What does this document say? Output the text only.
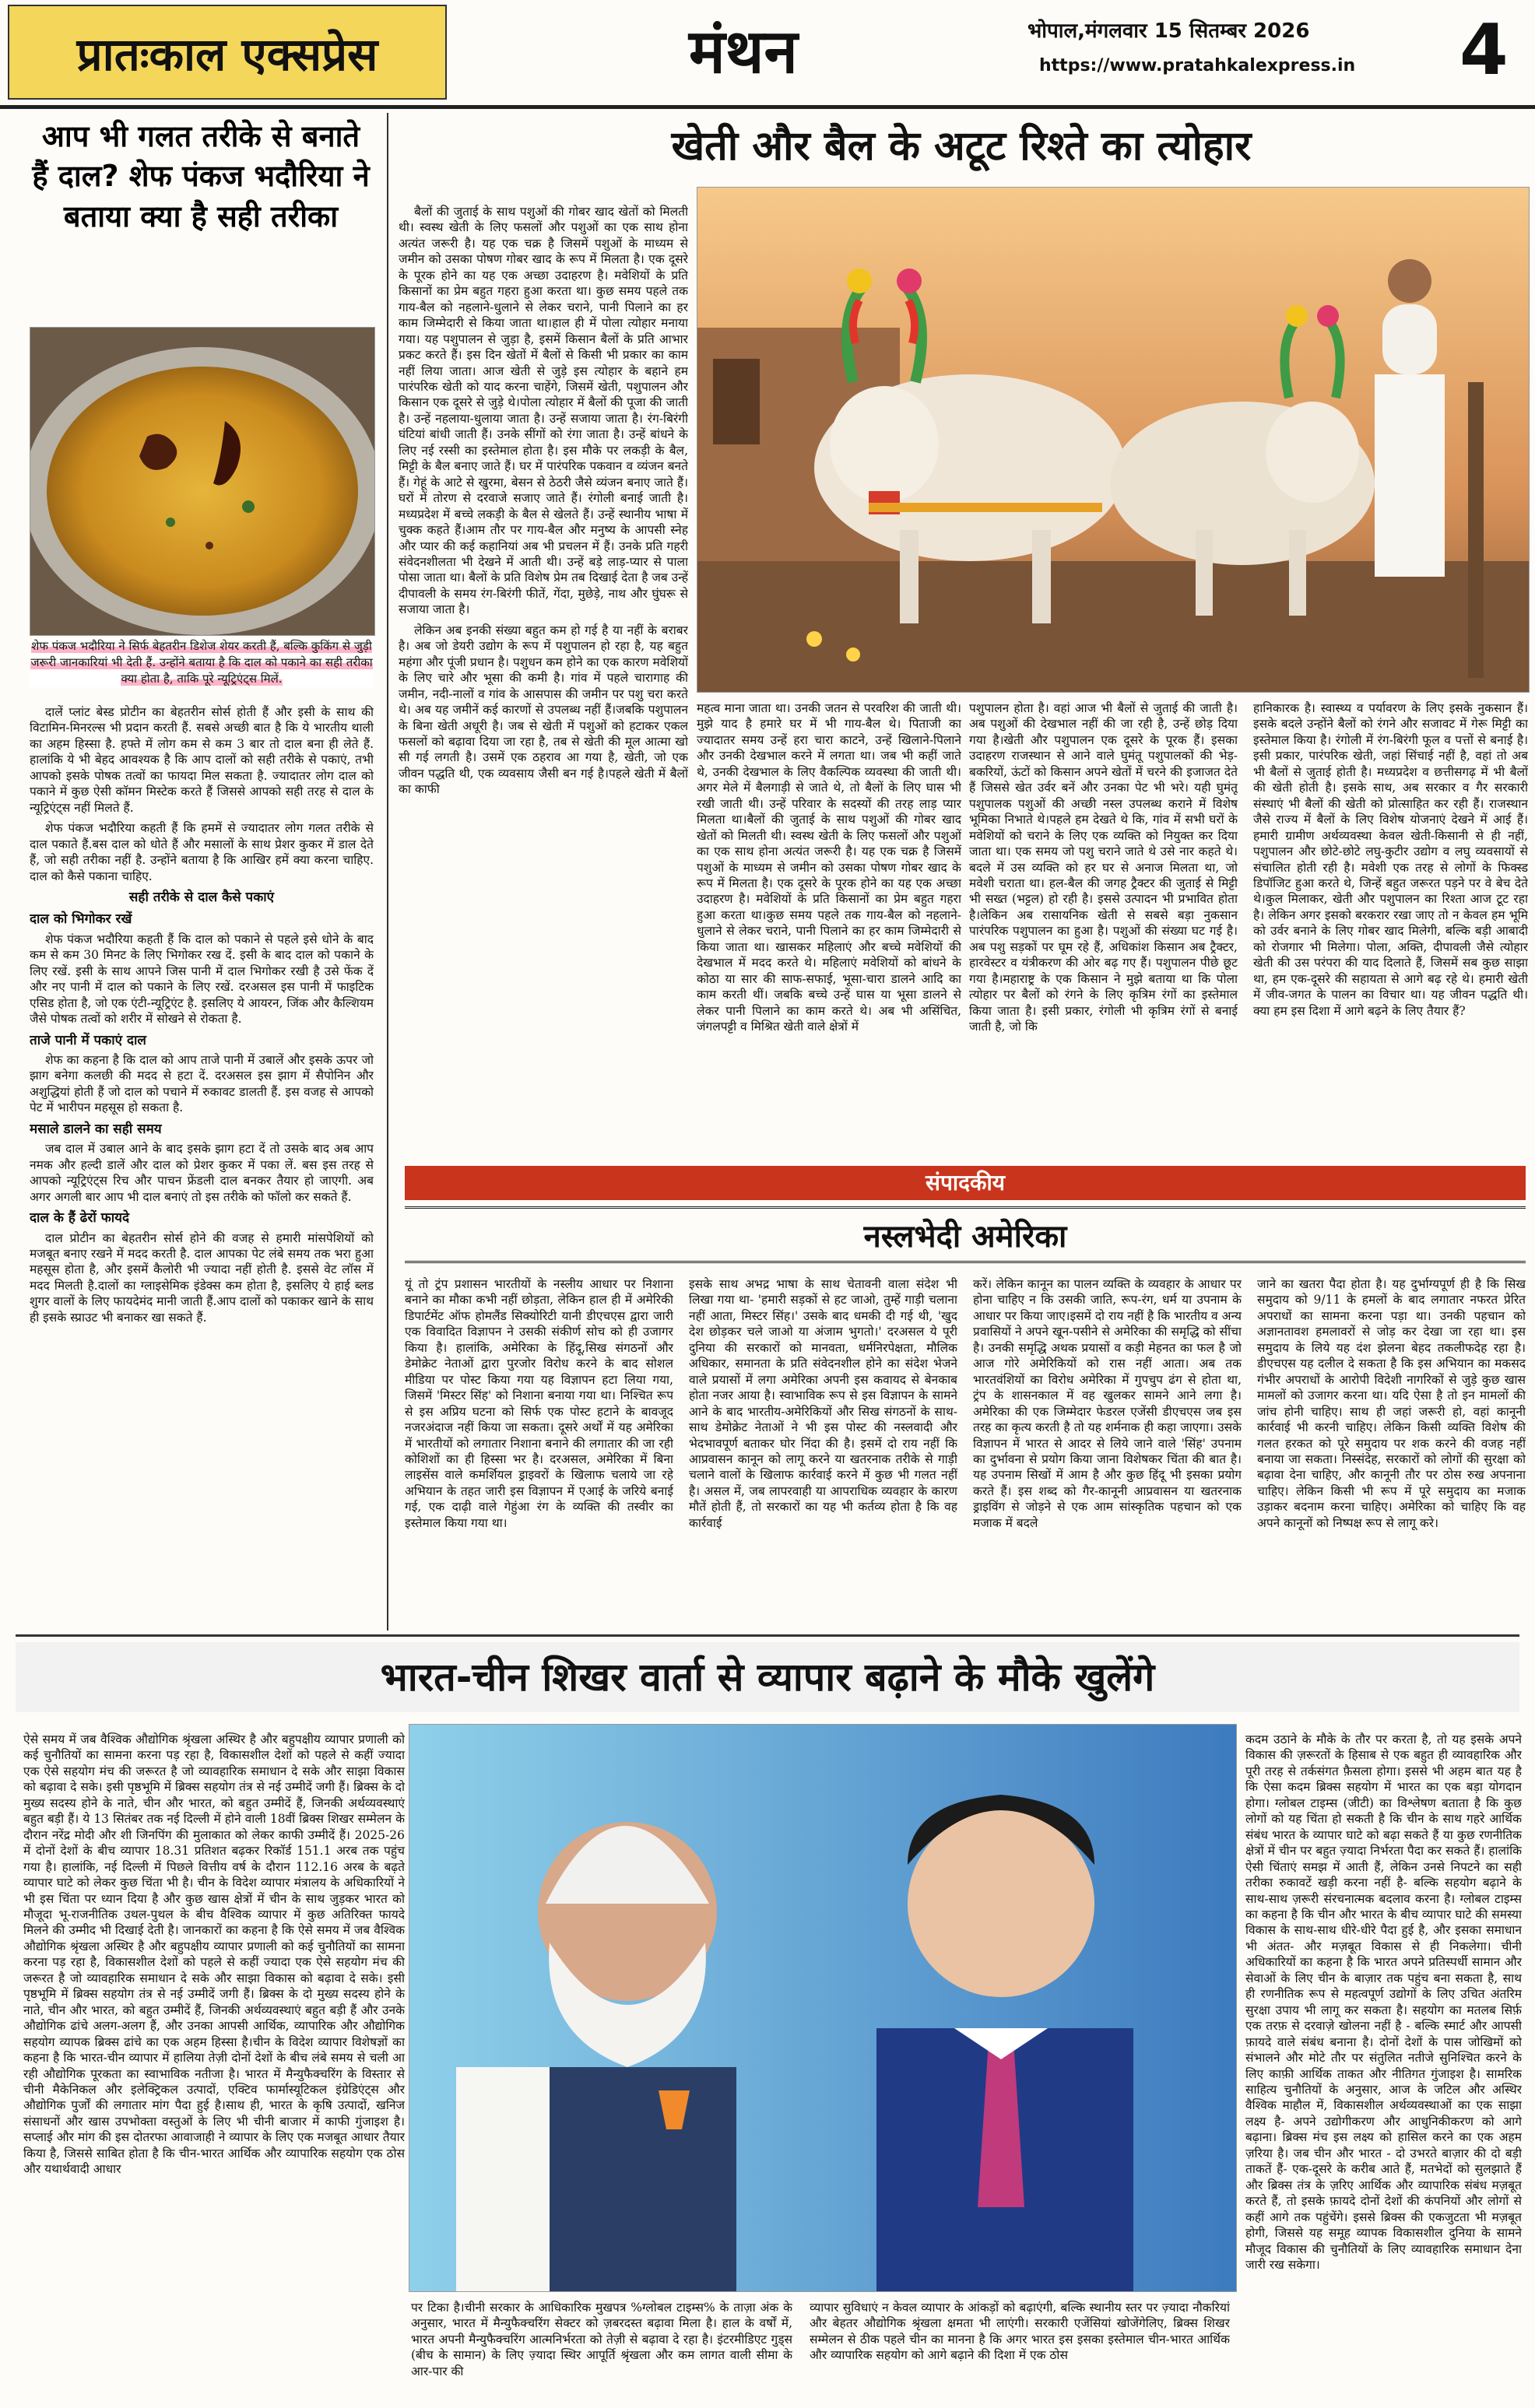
प्रातःकाल एक्सप्रेस	मंथन	भोपाल,मंगलवार 15 सितम्बर 2026
https://www.pratahkalexpress.in 4
आप भी गलत तरीके से बनाते हैं दाल? शेफ पंकज भदौरिया ने बताया क्या है सही तरीका
शेफ पंकज भदौरिया ने सिर्फ बेहतरीन डिशेज शेयर करती हैं, बल्कि कुकिंग से जुड़ी जरूरी जानकारियां भी देती हैं. उन्होंने बताया है कि दाल को पकाने का सही तरीका क्या होता है, ताकि पूरे न्यूट्रिएंट्स मिलें.

दालें प्लांट बेस्ड प्रोटीन का बेहतरीन सोर्स होती हैं और इसी के साथ की विटामिन-मिनरल्स भी प्रदान करती हैं. सबसे अच्छी बात है कि ये भारतीय थाली का अहम हिस्सा है. हफ्ते में लोग कम से कम 3 बार तो दाल बना ही लेते हैं. हालांकि ये भी बेहद आवश्यक है कि आप दालों को सही तरीके से पकाएं, तभी आपको इसके पोषक तत्वों का फायदा मिल सकता है. ज्यादातर लोग दाल को पकाने में कुछ ऐसी कॉमन मिस्टेक करते हैं जिससे आपको सही तरह से दाल के न्यूट्रिएंट्स नहीं मिलते हैं.

शेफ पंकज भदौरिया कहती हैं कि हममें से ज्यादातर लोग गलत तरीके से दाल पकाते हैं.बस दाल को धोते हैं और मसालों के साथ प्रेशर कुकर में डाल देते हैं, जो सही तरीका नहीं है. उन्होंने बताया है कि आखिर हमें क्या करना चाहिए. दाल को कैसे पकाना चाहिए.

सही तरीके से दाल कैसे पकाएं
दाल को भिगोकर रखें

शेफ पंकज भदौरिया कहती हैं कि दाल को पकाने से पहले इसे धोने के बाद कम से कम 30 मिनट के लिए भिगोकर रख दें. इसी के बाद दाल को पकाने के लिए रखें. इसी के साथ आपने जिस पानी में दाल भिगोकर रखी है उसे फेंक दें और नए पानी में दाल को पकाने के लिए रखें. दरअसल इस पानी में फाइटिक एसिड होता है, जो एक एंटी-न्यूट्रिएंट है. इसलिए ये आयरन, जिंक और कैल्शियम जैसे पोषक तत्वों को शरीर में सोखने से रोकता है.

ताजे पानी में पकाएं दाल

शेफ का कहना है कि दाल को आप ताजे पानी में उबालें और इसके ऊपर जो झाग बनेगा कलछी की मदद से हटा दें. दरअसल इस झाग में सैपोनिन और अशुद्धियां होती हैं जो दाल को पचाने में रुकावट डालती हैं. इस वजह से आपको पेट में भारीपन महसूस हो सकता है.

मसाले डालने का सही समय

जब दाल में उबाल आने के बाद इसके झाग हटा दें तो उसके बाद अब आप नमक और हल्दी डालें और दाल को प्रेशर कुकर में पका लें. बस इस तरह से आपको न्यूट्रिएंट्स रिच और पाचन फ्रेंडली दाल बनकर तैयार हो जाएगी. अब अगर अगली बार आप भी दाल बनाएं तो इस तरीके को फॉलो कर सकते हैं.

दाल के हैं ढेरों फायदे

दाल प्रोटीन का बेहतरीन सोर्स होने की वजह से हमारी मांसपेशियों को मजबूत बनाए रखने में मदद करती है. दाल आपका पेट लंबे समय तक भरा हुआ महसूस होता है, और इसमें कैलोरी भी ज्यादा नहीं होती है. इससे वेट लॉस में मदद मिलती है.दालों का ग्लाइसेमिक इंडेक्स कम होता है, इसलिए ये हाई ब्लड शुगर वालों के लिए फायदेमंद मानी जाती हैं.आप दालों को पकाकर खाने के साथ ही इसके स्प्राउट भी बनाकर खा सकते हैं.

खेती और बैल के अटूट रिश्ते का त्योहार

बैलों की जुताई के साथ पशुओं की गोबर खाद खेतों को मिलती थी। स्वस्थ खेती के लिए फसलों और पशुओं का एक साथ होना अत्यंत जरूरी है। यह एक चक्र है जिसमें पशुओं के माध्यम से जमीन को उसका पोषण गोबर खाद के रूप में मिलता है। एक दूसरे के पूरक होने का यह एक अच्छा उदाहरण है। मवेशियों के प्रति किसानों का प्रेम बहुत गहरा हुआ करता था। कुछ समय पहले तक गाय-बैल को नहलाने-धुलाने से लेकर चराने, पानी पिलाने का हर काम जिम्मेदारी से किया जाता था।हाल ही में पोला त्योहार मनाया गया। यह पशुपालन से जुड़ा है, इसमें किसान बैलों के प्रति आभार प्रकट करते हैं। इस दिन खेतों में बैलों से किसी भी प्रकार का काम नहीं लिया जाता। आज खेती से जुड़े इस त्योहार के बहाने हम पारंपरिक खेती को याद करना चाहेंगे, जिसमें खेती, पशुपालन और किसान एक दूसरे से जुड़े थे।पोला त्योहार में बैलों की पूजा की जाती है। उन्हें नहलाया-धुलाया जाता है। उन्हें सजाया जाता है। रंग-बिरंगी घंटियां बांधी जाती हैं। उनके सींगों को रंगा जाता है। उन्हें बांधने के लिए नई रस्सी का इस्तेमाल होता है। इस मौके पर लकड़ी के बैल, मिट्टी के बैल बनाए जाते हैं। घर में पारंपरिक पकवान व व्यंजन बनते हैं। गेहूं के आटे से खुरमा, बेसन से ठेठरी जैसे व्यंजन बनाए जाते हैं। घरों में तोरण से दरवाजे सजाए जाते हैं। रंगोली बनाई जाती है। मध्यप्रदेश में बच्चे लकड़ी के बैल से खेलते हैं। उन्हें स्थानीय भाषा में चुक्क कहते हैं।आम तौर पर गाय-बैल और मनुष्य के आपसी स्नेह और प्यार की कई कहानियां अब भी प्रचलन में हैं। उनके प्रति गहरी संवेदनशीलता भी देखने में आती थी। उन्हें बड़े लाड़-प्यार से पाला पोसा जाता था। बैलों के प्रति विशेष प्रेम तब दिखाई देता है जब उन्हें दीपावली के समय रंग-बिरंगी फीतें, गेंदा, मुछेड़े, नाथ और घुंघरू से सजाया जाता है।

लेकिन अब इनकी संख्या बहुत कम हो गई है या नहीं के बराबर है। अब जो डेयरी उद्योग के रूप में पशुपालन हो रहा है, यह बहुत महंगा और पूंजी प्रधान है। पशुधन कम होने का एक कारण मवेशियों के लिए चारे और भूसा की कमी है। गांव में पहले चारागाह की जमीन, नदी-नालों व गांव के आसपास की जमीन पर पशु चरा करते थे। अब यह जमीनें कई कारणों से उपलब्ध नहीं हैं।जबकि पशुपालन के बिना खेती अधूरी है। जब से खेती में पशुओं को हटाकर एकल फसलों को बढ़ावा दिया जा रहा है, तब से खेती की मूल आत्मा खो सी गई लगती है। उसमें एक ठहराव आ गया है, खेती, जो एक जीवन पद्धति थी, एक व्यवसाय जैसी बन गई है।पहले खेती में बैलों का काफी

महत्व माना जाता था। उनकी जतन से परवरिश की जाती थी। मुझे याद है हमारे घर में भी गाय-बैल थे। पिताजी का ज्यादातर समय उन्हें हरा चारा काटने, उन्हें खिलाने-पिलाने और उनकी देखभाल करने में लगता था। जब भी कहीं जाते थे, उनकी देखभाल के लिए वैकल्पिक व्यवस्था की जाती थी। अगर मेले में बैलगाड़ी से जाते थे, तो बैलों के लिए घास भी रखी जाती थी। उन्हें परिवार के सदस्यों की तरह लाड़ प्यार मिलता था।बैलों की जुताई के साथ पशुओं की गोबर खाद खेतों को मिलती थी। स्वस्थ खेती के लिए फसलों और पशुओं का एक साथ होना अत्यंत जरूरी है। यह एक चक्र है जिसमें पशुओं के माध्यम से जमीन को उसका पोषण गोबर खाद के रूप में मिलता है। एक दूसरे के पूरक होने का यह एक अच्छा उदाहरण है। मवेशियों के प्रति किसानों का प्रेम बहुत गहरा हुआ करता था।कुछ समय पहले तक गाय-बैल को नहलाने-धुलाने से लेकर चराने, पानी पिलाने का हर काम जिम्मेदारी से किया जाता था। खासकर महिलाएं और बच्चे मवेशियों की देखभाल में मदद करते थे। महिलाएं मवेशियों को बांधने के कोठा या सार की साफ-सफाई, भूसा-चारा डालने आदि का काम करती थीं। जबकि बच्चे उन्हें घास या भूसा डालने से लेकर पानी पिलाने का काम करते थे। अब भी असिंचित, जंगलपट्टी व मिश्रित खेती वाले क्षेत्रों में
पशुपालन होता है। वहां आज भी बैलों से जुताई की जाती है। अब पशुओं की देखभाल नहीं की जा रही है, उन्हें छोड़ दिया गया है।खेती और पशुपालन एक दूसरे के पूरक हैं। इसका उदाहरण राजस्थान से आने वाले घुमंतू पशुपालकों की भेड़-बकरियों, ऊंटों को किसान अपने खेतों में चरने की इजाजत देते हैं जिससे खेत उर्वर बनें और उनका पेट भी भरे। यही घुमंतू पशुपालक पशुओं की अच्छी नस्ल उपलब्ध कराने में विशेष भूमिका निभाते थे।पहले हम देखते थे कि, गांव में सभी घरों के मवेशियों को चराने के लिए एक व्यक्ति को नियुक्त कर दिया जाता था। एक समय जो पशु चराने जाते थे उसे नार कहते थे। बदले में उस व्यक्ति को हर घर से अनाज मिलता था, जो मवेशी चराता था। हल-बैल की जगह ट्रैक्टर की जुताई से मिट्टी भी सख्त (भट्टल) हो रही है। इससे उत्पादन भी प्रभावित होता है।लेकिन अब रासायनिक खेती से सबसे बड़ा नुकसान पारंपरिक पशुपालन का हुआ है। पशुओं की संख्या घट गई है। अब पशु सड़कों पर घूम रहे हैं, अधिकांश किसान अब ट्रैक्टर, हारवेस्टर व यंत्रीकरण की ओर बढ़ गए हैं। पशुपालन पीछे छूट गया है।महाराष्ट्र के एक किसान ने मुझे बताया था कि पोला त्योहार पर बैलों को रंगने के लिए कृत्रिम रंगों का इस्तेमाल किया जाता है। इसी प्रकार, रंगोली भी कृत्रिम रंगों से बनाई जाती है, जो कि
हानिकारक है। स्वास्थ्य व पर्यावरण के लिए इसके नुकसान हैं। इसके बदले उन्होंने बैलों को रंगने और सजावट में गेरू मिट्टी का इस्तेमाल किया है। रंगोली में रंग-बिरंगी फूल व पत्तों से बनाई है।इसी प्रकार, पारंपरिक खेती, जहां सिंचाई नहीं है, वहां तो अब भी बैलों से जुताई होती है। मध्यप्रदेश व छत्तीसगढ़ में भी बैलों की खेती होती है। इसके साथ, अब सरकार व गैर सरकारी संस्थाएं भी बैलों की खेती को प्रोत्साहित कर रही हैं। राजस्थान जैसे राज्य में बैलों के लिए विशेष योजनाएं देखने में आई हैं।हमारी ग्रामीण अर्थव्यवस्था केवल खेती-किसानी से ही नहीं, पशुपालन और छोटे-छोटे लघु-कुटीर उद्योग व लघु व्यवसायों से संचालित होती रही है। मवेशी एक तरह से लोगों के फिक्स्ड डिपॉजिट हुआ करते थे, जिन्हें बहुत जरूरत पड़ने पर वे बेच देते थे।कुल मिलाकर, खेती और पशुपालन का रिश्ता आज टूट रहा है। लेकिन अगर इसको बरकरार रखा जाए तो न केवल हम भूमि को उर्वर बनाने के लिए गोबर खाद मिलेगी, बल्कि बड़ी आबादी को रोजगार भी मिलेगा। पोला, अक्ति, दीपावली जैसे त्योहार खेती की उस परंपरा की याद दिलाते हैं, जिसमें सब कुछ साझा था, हम एक-दूसरे की सहायता से आगे बढ़ रहे थे। हमारी खेती में जीव-जगत के पालन का विचार था। यह जीवन पद्धति थी। क्या हम इस दिशा में आगे बढ़ने के लिए तैयार हैं?
संपादकीय
नस्लभेदी अमेरिका
यूं तो ट्रंप प्रशासन भारतीयों के नस्लीय आधार पर निशाना बनाने का मौका कभी नहीं छोड़ता, लेकिन हाल ही में अमेरिकी डिपार्टमेंट ऑफ होमलैंड सिक्योरिटी यानी डीएचएस द्वारा जारी एक विवादित विज्ञापन ने उसकी संकीर्ण सोच को ही उजागर किया है। हालांकि, अमेरिका के हिंदू,सिख संगठनों और डेमोक्रेट नेताओं द्वारा पुरजोर विरोध करने के बाद सोशल मीडिया पर पोस्ट किया गया यह विज्ञापन हटा लिया गया, जिसमें 'मिस्टर सिंह' को निशाना बनाया गया था। निश्चित रूप से इस अप्रिय घटना को सिर्फ एक पोस्ट हटाने के बावजूद नजरअंदाज नहीं किया जा सकता। दूसरे अर्थों में यह अमेरिका में भारतीयों को लगातार निशाना बनाने की लगातार की जा रही कोशिशों का ही हिस्सा भर है। दरअसल, अमेरिका में बिना लाइसेंस वाले कमर्शियल ड्राइवरों के खिलाफ चलाये जा रहे अभियान के तहत जारी इस विज्ञापन में एआई के जरिये बनाई गई, एक दाढ़ी वाले गेहुंआ रंग के व्यक्ति की तस्वीर का इस्तेमाल किया गया था।
इसके साथ अभद्र भाषा के साथ चेतावनी वाला संदेश भी लिखा गया था- 'हमारी सड़कों से हट जाओ, तुम्हें गाड़ी चलाना नहीं आता, मिस्टर सिंह।' उसके बाद धमकी दी गई थी, 'खुद देश छोड़कर चले जाओ या अंजाम भुगतो।' दरअसल ये पूरी दुनिया की सरकारों को मानवता, धर्मनिरपेक्षता, मौलिक अधिकार, समानता के प्रति संवेदनशील होने का संदेश भेजने वाले प्रयासों में लगा अमेरिका अपनी इस कवायद से बेनकाब होता नजर आया है। स्वाभाविक रूप से इस विज्ञापन के सामने आने के बाद भारतीय-अमेरिकियों और सिख संगठनों के साथ-साथ डेमोक्रेट नेताओं ने भी इस पोस्ट की नस्लवादी और भेदभावपूर्ण बताकर घोर निंदा की है। इसमें दो राय नहीं कि आप्रवासन कानून को लागू करने या खतरनाक तरीके से गाड़ी चलाने वालों के खिलाफ कार्रवाई करने में कुछ भी गलत नहीं है। असल में, जब लापरवाही या आपराधिक व्यवहार के कारण मौतें होती हैं, तो सरकारों का यह भी कर्तव्य होता है कि वह कार्रवाई
करें। लेकिन कानून का पालन व्यक्ति के व्यवहार के आधार पर होना चाहिए न कि उसकी जाति, रूप-रंग, धर्म या उपनाम के आधार पर किया जाए।इसमें दो राय नहीं है कि भारतीय व अन्य प्रवासियों ने अपने खून-पसीने से अमेरिका की समृद्धि को सींचा है। उनकी समृद्धि अथक प्रयासों व कड़ी मेहनत का फल है जो आज गोरे अमेरिकियों को रास नहीं आता। अब तक भारतवंशियों का विरोध अमेरिका में गुपचुप ढंग से होता था, ट्रंप के शासनकाल में वह खुलकर सामने आने लगा है। अमेरिका की एक जिम्मेदार फेडरल एजेंसी डीएचएस जब इस तरह का कृत्य करती है तो यह शर्मनाक ही कहा जाएगा। उसके विज्ञापन में भारत से आदर से लिये जाने वाले 'सिंह' उपनाम का दुर्भावना से प्रयोग किया जाना विशेषकर चिंता की बात है। यह उपनाम सिखों में आम है और कुछ हिंदू भी इसका प्रयोग करते हैं। इस शब्द को गैर-कानूनी आप्रवासन या खतरनाक ड्राइविंग से जोड़ने से एक आम सांस्कृतिक पहचान को एक मजाक में बदले
जाने का खतरा पैदा होता है। यह दुर्भाग्यपूर्ण ही है कि सिख समुदाय को 9/11 के हमलों के बाद लगातार नफरत प्रेरित अपराधों का सामना करना पड़ा था। उनकी पहचान को अज्ञानतावश हमलावरों से जोड़ कर देखा जा रहा था। इस समुदाय के लिये यह दंश झेलना बेहद तकलीफदेह रहा है। डीएचएस यह दलील दे सकता है कि इस अभियान का मकसद गंभीर अपराधों के आरोपी विदेशी नागरिकों से जुड़े कुछ खास मामलों को उजागर करना था। यदि ऐसा है तो इन मामलों की जांच होनी चाहिए। साथ ही जहां जरूरी हो, वहां कानूनी कार्रवाई भी करनी चाहिए। लेकिन किसी व्यक्ति विशेष की गलत हरकत को पूरे समुदाय पर शक करने की वजह नहीं बनाया जा सकता। निस्संदेह, सरकारों को लोगों की सुरक्षा को बढ़ावा देना चाहिए, और कानूनी तौर पर ठोस रुख अपनाना चाहिए। लेकिन किसी भी रूप में पूरे समुदाय का मजाक उड़ाकर बदनाम करना चाहिए। अमेरिका को चाहिए कि वह अपने कानूनों को निष्पक्ष रूप से लागू करे।
भारत-चीन शिखर वार्ता से व्यापार बढ़ाने के मौके खुलेंगे
ऐसे समय में जब वैश्विक औद्योगिक श्रृंखला अस्थिर है और बहुपक्षीय व्यापार प्रणाली को कई चुनौतियों का सामना करना पड़ रहा है, विकासशील देशों को पहले से कहीं ज्यादा एक ऐसे सहयोग मंच की जरूरत है जो व्यावहारिक समाधान दे सके और साझा विकास को बढ़ावा दे सके। इसी पृष्ठभूमि में ब्रिक्स सहयोग तंत्र से नई उम्मीदें जगी हैं। ब्रिक्स के दो मुख्य सदस्य होने के नाते, चीन और भारत, को बहुत उम्मीदें हैं, जिनकी अर्थव्यवस्थाएं बहुत बड़ी हैं। ये 13 सितंबर तक नई दिल्ली में होने वाली 18वीं ब्रिक्स शिखर सम्मेलन के दौरान नरेंद्र मोदी और शी जिनपिंग की मुलाकात को लेकर काफी उम्मीदें हैं। 2025-26 में दोनों देशों के बीच व्यापार 18.31 प्रतिशत बढ़कर रिकॉर्ड 151.1 अरब तक पहुंच गया है। हालांकि, नई दिल्ली में पिछले वित्तीय वर्ष के दौरान 112.16 अरब के बढ़ते व्यापार घाटे को लेकर कुछ चिंता भी है। चीन के विदेश व्यापार मंत्रालय के अधिकारियों ने भी इस चिंता पर ध्यान दिया है और कुछ खास क्षेत्रों में चीन के साथ जुड़कर भारत को मौजूदा भू-राजनीतिक उथल-पुथल के बीच वैश्विक व्यापार में कुछ अतिरिक्त फायदे मिलने की उम्मीद भी दिखाई देती है। जानकारों का कहना है कि ऐसे समय में जब वैश्विक औद्योगिक श्रृंखला अस्थिर है और बहुपक्षीय व्यापार प्रणाली को कई चुनौतियों का सामना करना पड़ रहा है, विकासशील देशों को पहले से कहीं ज्यादा एक ऐसे सहयोग मंच की जरूरत है जो व्यावहारिक समाधान दे सके और साझा विकास को बढ़ावा दे सके। इसी पृष्ठभूमि में ब्रिक्स सहयोग तंत्र से नई उम्मीदें जगी हैं। ब्रिक्स के दो मुख्य सदस्य होने के नाते, चीन और भारत, को बहुत उम्मीदें हैं, जिनकी अर्थव्यवस्थाएं बहुत बड़ी हैं और उनके औद्योगिक ढांचे अलग-अलग हैं, और उनका आपसी आर्थिक, व्यापारिक और औद्योगिक सहयोग व्यापक ब्रिक्स ढांचे का एक अहम हिस्सा है।चीन के विदेश व्यापार विशेषज्ञों का कहना है कि भारत-चीन व्यापार में हालिया तेज़ी दोनों देशों के बीच लंबे समय से चली आ रही औद्योगिक पूरकता का स्वाभाविक नतीजा है। भारत में मैन्युफैक्चरिंग के विस्तार से चीनी मैकेनिकल और इलेक्ट्रिकल उत्पादों, एक्टिव फार्मास्यूटिकल इंग्रेडिएंट्स और औद्योगिक पुर्जों की लगातार मांग पैदा हुई है।साथ ही, भारत के कृषि उत्पादों, खनिज संसाधनों और खास उपभोक्ता वस्तुओं के लिए भी चीनी बाजार में काफी गुंजाइश है। सप्लाई और मांग की इस दोतरफा आवाजाही ने व्यापार के लिए एक मजबूत आधार तैयार किया है, जिससे साबित होता है कि चीन-भारत आर्थिक और व्यापारिक सहयोग एक ठोस और यथार्थवादी आधार
पर टिका है।चीनी सरकार के आधिकारिक मुखपत्र %ग्लोबल टाइम्स% के ताज़ा अंक के अनुसार, भारत में मैन्युफैक्चरिंग सेक्टर को ज़बरदस्त बढ़ावा मिला है। हाल के वर्षों में, भारत अपनी मैन्युफैक्चरिंग आत्मनिर्भरता को तेज़ी से बढ़ावा दे रहा है। इंटरमीडिएट गुड्स (बीच के सामान) के लिए ज़्यादा स्थिर आपूर्ति श्रृंखला और कम लागत वाली सीमा के आर-पार की
व्यापार सुविधाएं न केवल व्यापार के आंकड़ों को बढ़ाएंगी, बल्कि स्थानीय स्तर पर ज़्यादा नौकरियां और बेहतर औद्योगिक श्रृंखला क्षमता भी लाएंगी। सरकारी एजेंसियां खोजेंगेलिए, ब्रिक्स शिखर सम्मेलन से ठीक पहले चीन का मानना है कि अगर भारत इस इसका इस्तेमाल चीन-भारत आर्थिक और व्यापारिक सहयोग को आगे बढ़ाने की दिशा में एक ठोस
कदम उठाने के मौके के तौर पर करता है, तो यह इसके अपने विकास की ज़रूरतों के हिसाब से एक बहुत ही व्यावहारिक और पूरी तरह से तर्कसंगत फ़ैसला होगा। इससे भी अहम बात यह है कि ऐसा कदम ब्रिक्स सहयोग में भारत का एक बड़ा योगदान होगा। ग्लोबल टाइम्स (जीटी) का विश्लेषण बताता है कि कुछ लोगों को यह चिंता हो सकती है कि चीन के साथ गहरे आर्थिक संबंध भारत के व्यापार घाटे को बढ़ा सकते हैं या कुछ रणनीतिक क्षेत्रों में चीन पर बहुत ज़्यादा निर्भरता पैदा कर सकते हैं। हालांकि ऐसी चिंताएं समझ में आती हैं, लेकिन उनसे निपटने का सही तरीका रुकावटें खड़ी करना नहीं है- बल्कि सहयोग बढ़ाने के साथ-साथ ज़रूरी संरचनात्मक बदलाव करना है। ग्लोबल टाइम्स का कहना है कि चीन और भारत के बीच व्यापार घाटे की समस्या विकास के साथ-साथ धीरे-धीरे पैदा हुई है, और इसका समाधान भी अंतत- और मज़बूत विकास से ही निकलेगा। चीनी अधिकारियों का कहना है कि भारत अपने प्रतिस्पर्धी सामान और सेवाओं के लिए चीन के बाज़ार तक पहुंच बना सकता है, साथ ही रणनीतिक रूप से महत्वपूर्ण उद्योगों के लिए उचित अंतरिम सुरक्षा उपाय भी लागू कर सकता है। सहयोग का मतलब सिर्फ़ एक तरफ़ से दरवाज़े खोलना नहीं है - बल्कि स्मार्ट और आपसी फ़ायदे वाले संबंध बनाना है। दोनों देशों के पास जोखिमों को संभालने और मोटे तौर पर संतुलित नतीजे सुनिश्चित करने के लिए काफ़ी आर्थिक ताकत और नीतिगत गुंजाइश है। सामरिक साहित्य चुनौतियों के अनुसार, आज के जटिल और अस्थिर वैश्विक माहौल में, विकासशील अर्थव्यवस्थाओं का एक साझा लक्ष्य है- अपने उद्योगीकरण और आधुनिकीकरण को आगे बढ़ाना। ब्रिक्स मंच इस लक्ष्य को हासिल करने का एक अहम ज़रिया है। जब चीन और भारत - दो उभरते बाज़ार की दो बड़ी ताकतें हैं- एक-दूसरे के करीब आते हैं, मतभेदों को सुलझाते हैं और ब्रिक्स तंत्र के ज़रिए आर्थिक और व्यापारिक संबंध मज़बूत करते हैं, तो इसके फ़ायदे दोनों देशों की कंपनियों और लोगों से कहीं आगे तक पहुंचेंगे। इससे ब्रिक्स की एकजुटता भी मज़बूत होगी, जिससे यह समूह व्यापक विकासशील दुनिया के सामने मौजूद विकास की चुनौतियों के लिए व्यावहारिक समाधान देना जारी रख सकेगा।
